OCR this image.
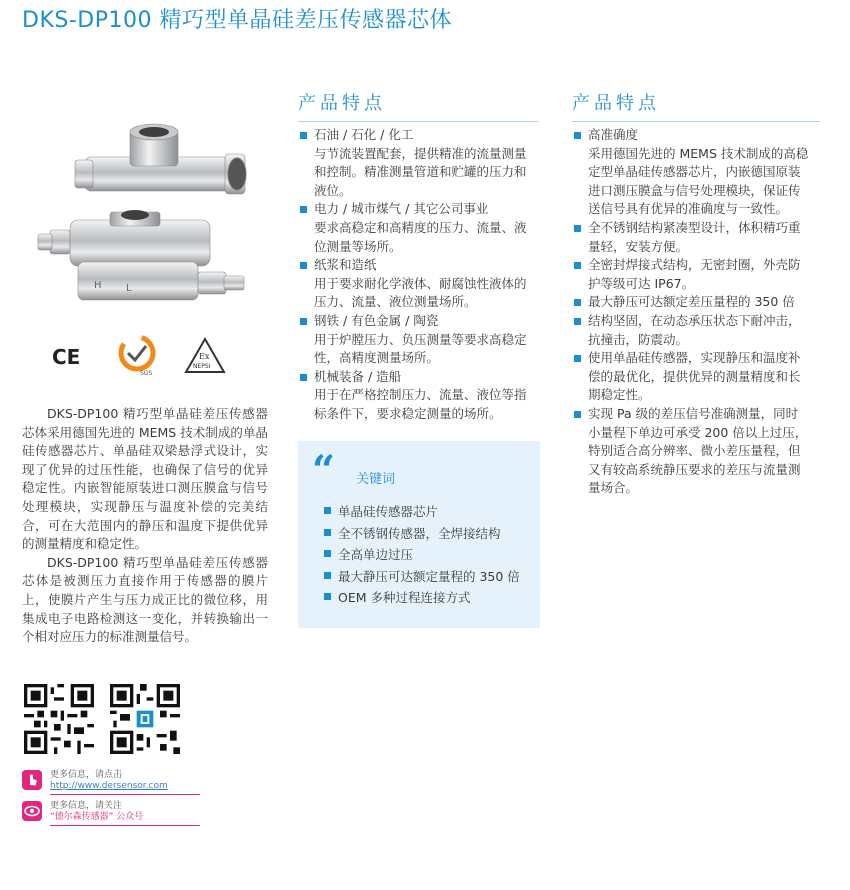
DKS-DP100 精巧型单晶硅差压传感器芯体
H L
CE
SGS
Ex
NEPSI

DKS-DP100 精巧型单晶硅差压传感器芯体采用德国先进的 MEMS 技术制成的单晶硅传感器芯片、单晶硅双梁悬浮式设计，实现了优异的过压性能，也确保了信号的优异稳定性。内嵌智能原装进口测压膜盒与信号处理模块，实现静压与温度补偿的完美结合，可在大范围内的静压和温度下提供优异的测量精度和稳定性。

DKS-DP100 精巧型单晶硅差压传感器芯体是被测压力直接作用于传感器的膜片上，使膜片产生与压力成正比的微位移，用集成电子电路检测这一变化，并转换输出一个相对应压力的标准测量信号。

产品特点
石油 / 石化 / 化工
与节流装置配套，提供精准的流量测量
和控制。精准测量管道和贮罐的压力和
液位。
电力 / 城市煤气 / 其它公司事业
要求高稳定和高精度的压力、流量、液
位测量等场所。
纸浆和造纸
用于要求耐化学液体、耐腐蚀性液体的
压力、流量、液位测量场所。
钢铁 / 有色金属 / 陶瓷
用于炉膛压力、负压测量等要求高稳定
性，高精度测量场所。
机械装备 / 造船
用于在严格控制压力、流量、液位等指
标条件下，要求稳定测量的场所。
“ 关键词
单晶硅传感器芯片
全不锈钢传感器，全焊接结构
全高单边过压
最大静压可达额定量程的 350 倍
OEM 多种过程连接方式
产品特点
高准确度
采用德国先进的 MEMS 技术制成的高稳
定型单晶硅传感器芯片，内嵌德国原装
进口测压膜盒与信号处理模块，保证传
送信号具有优异的准确度与一致性。
全不锈钢结构紧凑型设计，体积精巧重
量轻，安装方便。
全密封焊接式结构，无密封圈，外壳防
护等级可达 IP67。
最大静压可达额定差压量程的 350 倍
结构坚固，在动态承压状态下耐冲击，
抗撞击，防震动。
使用单晶硅传感器，实现静压和温度补
偿的最优化，提供优异的测量精度和长
期稳定性。
实现 Pa 级的差压信号准确测量，同时
小量程下单边可承受 200 倍以上过压，
特别适合高分辨率、微小差压量程，但
又有较高系统静压要求的差压与流量测
量场合。
更多信息，请点击
http://www.dersensor.com
更多信息，请关注
“德尔森传感器” 公众号
